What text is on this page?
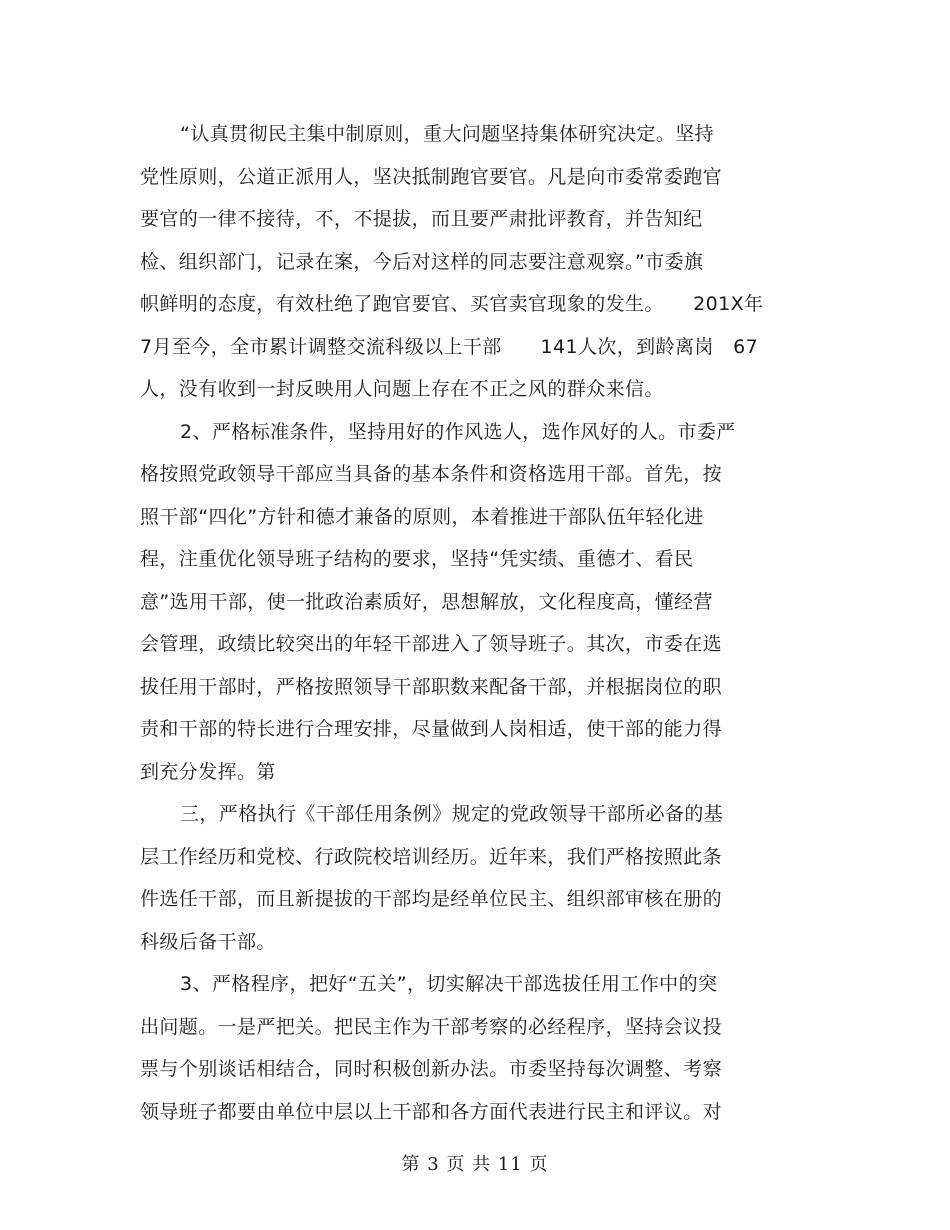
“认真贯彻民主集中制原则，重大问题坚持集体研究决定。坚持
党性原则，公道正派用人，坚决抵制跑官要官。凡是向市委常委跑官
要官的一律不接待，不，不提拔，而且要严肃批评教育，并告知纪
检、组织部门，记录在案，今后对这样的同志要注意观察。”市委旗
帜鲜明的态度，有效杜绝了跑官要官、买官卖官现象的发生。　　201X年
7月至今，全市累计调整交流科级以上干部　　141人次，到龄离岗　67
人，没有收到一封反映用人问题上存在不正之风的群众来信。
2、严格标准条件，坚持用好的作风选人，选作风好的人。市委严
格按照党政领导干部应当具备的基本条件和资格选用干部。首先，按
照干部“四化”方针和德才兼备的原则，本着推进干部队伍年轻化进
程，注重优化领导班子结构的要求，坚持“凭实绩、重德才、看民
意”选用干部，使一批政治素质好，思想解放，文化程度高，懂经营
会管理，政绩比较突出的年轻干部进入了领导班子。其次，市委在选
拔任用干部时，严格按照领导干部职数来配备干部，并根据岗位的职
责和干部的特长进行合理安排，尽量做到人岗相适，使干部的能力得
到充分发挥。第
三，严格执行《干部任用条例》规定的党政领导干部所必备的基
层工作经历和党校、行政院校培训经历。近年来，我们严格按照此条
件选任干部，而且新提拔的干部均是经单位民主、组织部审核在册的
科级后备干部。
3、严格程序，把好“五关”，切实解决干部选拔任用工作中的突
出问题。一是严把关。把民主作为干部考察的必经程序，坚持会议投
票与个别谈话相结合，同时积极创新办法。市委坚持每次调整、考察
领导班子都要由单位中层以上干部和各方面代表进行民主和评议。对
第 3 页 共 11 页
